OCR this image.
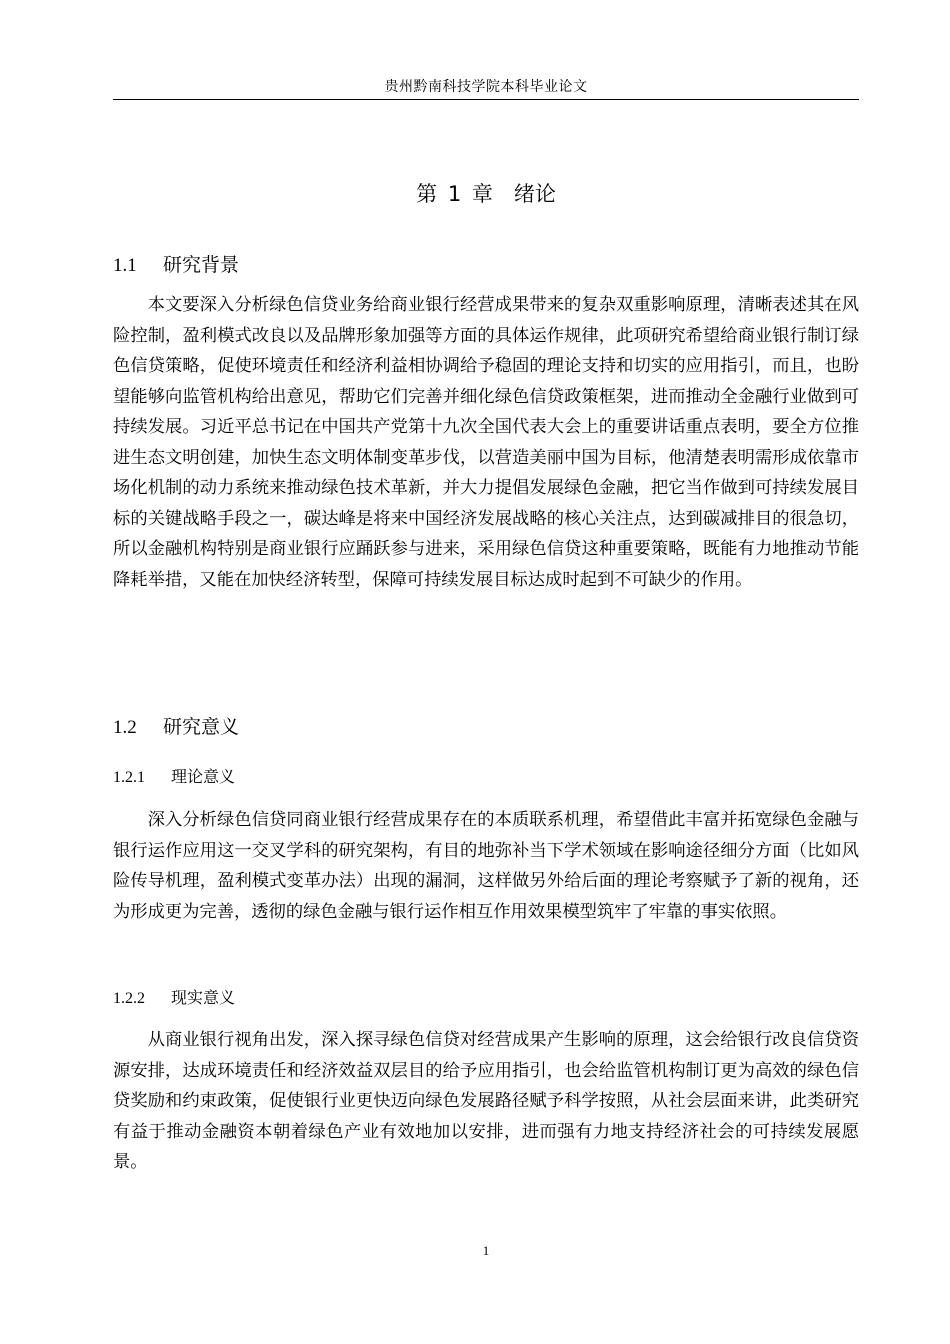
贵州黔南科技学院本科毕业论文
第 1 章　绪论
1.1 研究背景

本文要深入分析绿色信贷业务给商业银行经营成果带来的复杂双重影响原理，清晰表述其在风险控制，盈利模式改良以及品牌形象加强等方面的具体运作规律，此项研究希望给商业银行制订绿色信贷策略，促使环境责任和经济利益相协调给予稳固的理论支持和切实的应用指引，而且，也盼望能够向监管机构给出意见，帮助它们完善并细化绿色信贷政策框架，进而推动全金融行业做到可持续发展。习近平总书记在中国共产党第十九次全国代表大会上的重要讲话重点表明，要全方位推进生态文明创建，加快生态文明体制变革步伐，以营造美丽中国为目标，他清楚表明需形成依靠市场化机制的动力系统来推动绿色技术革新，并大力提倡发展绿色金融，把它当作做到可持续发展目标的关键战略手段之一，碳达峰是将来中国经济发展战略的核心关注点，达到碳减排目的很急切，所以金融机构特别是商业银行应踊跃参与进来，采用绿色信贷这种重要策略，既能有力地推动节能降耗举措，又能在加快经济转型，保障可持续发展目标达成时起到不可缺少的作用。

1.2 研究意义
1.2.1 理论意义

深入分析绿色信贷同商业银行经营成果存在的本质联系机理，希望借此丰富并拓宽绿色金融与银行运作应用这一交叉学科的研究架构，有目的地弥补当下学术领域在影响途径细分方面（比如风险传导机理，盈利模式变革办法）出现的漏洞，这样做另外给后面的理论考察赋予了新的视角，还为形成更为完善，透彻的绿色金融与银行运作相互作用效果模型筑牢了牢靠的事实依照。

1.2.2 现实意义

从商业银行视角出发，深入探寻绿色信贷对经营成果产生影响的原理，这会给银行改良信贷资源安排，达成环境责任和经济效益双层目的给予应用指引，也会给监管机构制订更为高效的绿色信贷奖励和约束政策，促使银行业更快迈向绿色发展路径赋予科学按照，从社会层面来讲，此类研究有益于推动金融资本朝着绿色产业有效地加以安排，进而强有力地支持经济社会的可持续发展愿景。

1
